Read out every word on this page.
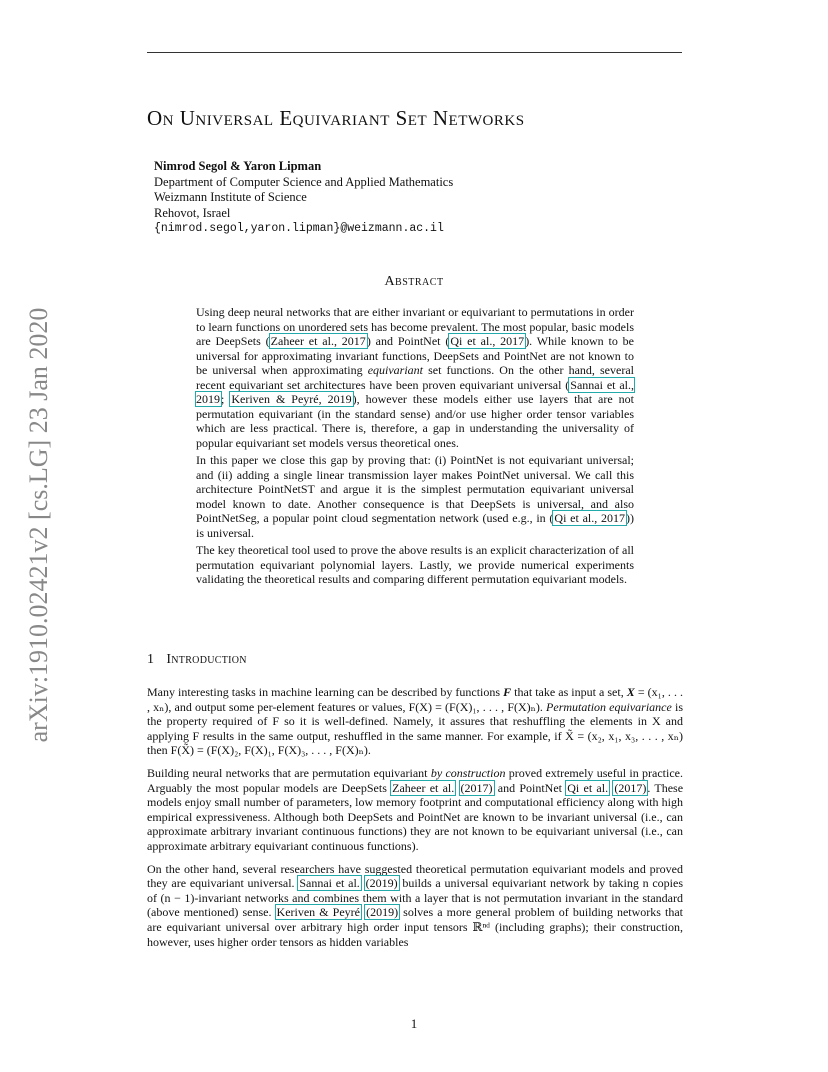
arXiv:1910.02421v2 [cs.LG] 23 Jan 2020
On Universal Equivariant Set Networks
Nimrod Segol & Yaron Lipman
Department of Computer Science and Applied Mathematics
Weizmann Institute of Science
Rehovot, Israel
{nimrod.segol,yaron.lipman}@weizmann.ac.il
Abstract

Using deep neural networks that are either invariant or equivariant to permutations in order to learn functions on unordered sets has become prevalent. The most popular, basic models are DeepSets (Zaheer et al., 2017) and PointNet (Qi et al., 2017). While known to be universal for approximating invariant functions, DeepSets and PointNet are not known to be universal when approximating equivariant set functions. On the other hand, several recent equivariant set architectures have been proven equivariant universal (Sannai et al., 2019; Keriven & Peyré, 2019), however these models either use layers that are not permutation equivariant (in the standard sense) and/or use higher order tensor variables which are less practical. There is, therefore, a gap in understanding the universality of popular equivariant set models versus theoretical ones.

In this paper we close this gap by proving that: (i) PointNet is not equivariant universal; and (ii) adding a single linear transmission layer makes PointNet universal. We call this architecture PointNetST and argue it is the simplest permutation equivariant universal model known to date. Another consequence is that DeepSets is universal, and also PointNetSeg, a popular point cloud segmentation network (used e.g., in (Qi et al., 2017)) is universal.

The key theoretical tool used to prove the above results is an explicit characterization of all permutation equivariant polynomial layers. Lastly, we provide numerical experiments validating the theoretical results and comparing different permutation equivariant models.

1 Introduction

Many interesting tasks in machine learning can be described by functions F that take as input a set, X = (x₁, . . . , xₙ), and output some per-element features or values, F(X) = (F(X)₁, . . . , F(X)ₙ). Permutation equivariance is the property required of F so it is well-defined. Namely, it assures that reshuffling the elements in X and applying F results in the same output, reshuffled in the same manner. For example, if X̃ = (x₂, x₁, x₃, . . . , xₙ) then F(X̃) = (F(X)₂, F(X)₁, F(X)₃, . . . , F(X)ₙ).

Building neural networks that are permutation equivariant by construction proved extremely useful in practice. Arguably the most popular models are DeepSets Zaheer et al. (2017) and PointNet Qi et al. (2017). These models enjoy small number of parameters, low memory footprint and computational efficiency along with high empirical expressiveness. Although both DeepSets and PointNet are known to be invariant universal (i.e., can approximate arbitrary invariant continuous functions) they are not known to be equivariant universal (i.e., can approximate arbitrary equivariant continuous functions).

On the other hand, several researchers have suggested theoretical permutation equivariant models and proved they are equivariant universal. Sannai et al. (2019) builds a universal equivariant network by taking n copies of (n − 1)-invariant networks and combines them with a layer that is not permutation invariant in the standard (above mentioned) sense. Keriven & Peyré (2019) solves a more general problem of building networks that are equivariant universal over arbitrary high order input tensors ℝⁿᵈ (including graphs); their construction, however, uses higher order tensors as hidden variables

1
